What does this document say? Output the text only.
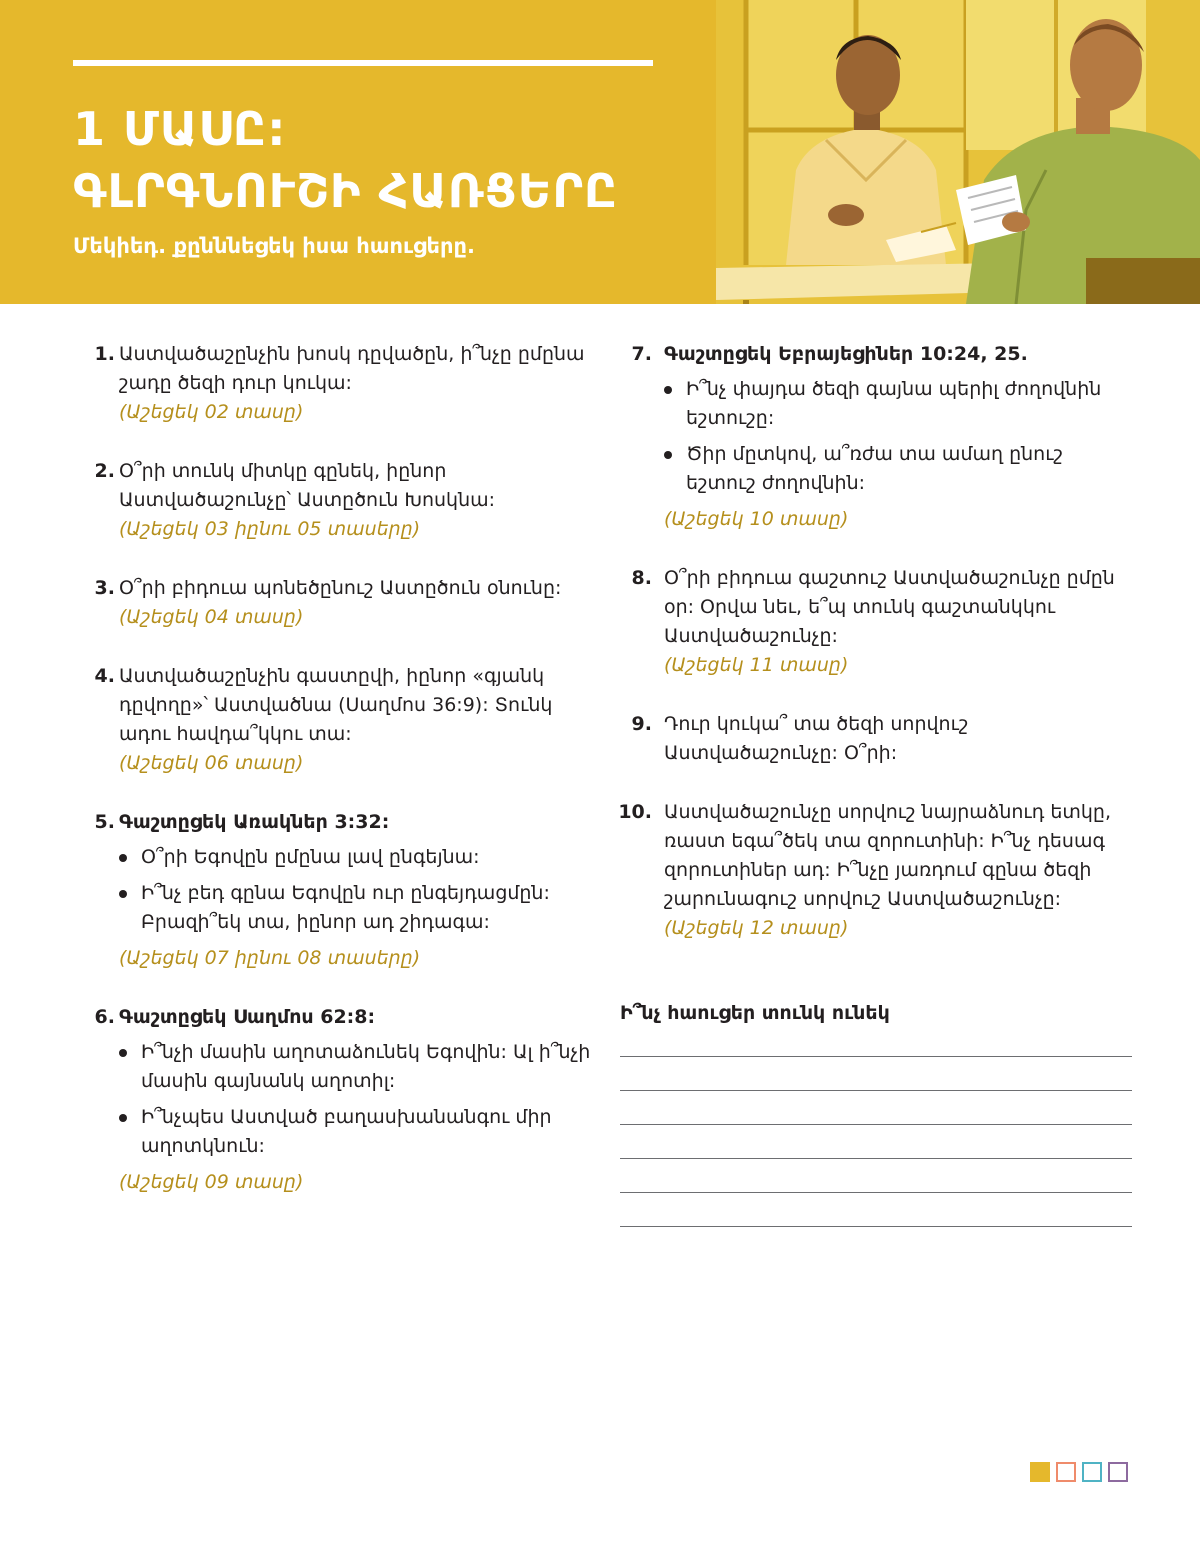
1 ՄԱՍԸ:
ԳԼՐԳՆՈՒՇԻ ՀԱՌՑԵՐԸ
Մեկիեդ. քընննեցեկ իսա հաուցերը.
1. Աստվածաշընչին խոսկ դըվածըն, ի՞նչը ըմընա շադը ծեզի դուր կուկա:
(Աշեցեկ 02 տասը)
2. Օ՞րի տունկ միտկը գընեկ, իընոր Աստվածաշունչը՝ Աստըծուն Խոսկնա:
(Աշեցեկ 03 իընու 05 տասերը)
3. Օ՞րի բիդուա պոնեծընուշ Աստըծուն օնունը:
(Աշեցեկ 04 տասը)
4. Աստվածաշընչին գաստըվի, իընոր «գյանկ դըվողը»՝ Աստվածնա (Սաղմոս 36:9): Տունկ ադու հավդա՞կկու տա:
(Աշեցեկ 06 տասը)
5. Գաշտըցեկ Առակներ 3:32:
Օ՞րի Եգովըն ըմընա լավ ընգեյնա:
Ի՞նչ բեդ գընա Եգովըն ուր ընգեյդացմըն: Բրազի՞եկ տա, իընոր ադ շիդագա:
(Աշեցեկ 07 իընու 08 տասերը)
6. Գաշտըցեկ Սաղմոս 62:8:
Ի՞նչի մասին աղոտաձունեկ Եգովին: Ալ ի՞նչի մասին գայնանկ աղոտիլ:
Ի՞նչպես Աստված բաղասխանանգու միր աղոտկնուն:
(Աշեցեկ 09 տասը)
7. Գաշտըցեկ Եբրայեցիներ 10:24, 25.
Ի՞նչ փայդա ծեզի գայնա պերիլ ժողովնին եշտուշը:
Ծիր մըտկով, ա՞ռժա տա ամաղ ընուշ եշտուշ ժողովնին:
(Աշեցեկ 10 տասը)
8. Օ՞րի բիդուա գաշտուշ Աստվածաշունչը ըմըն օր: Օրվա նեւ, ե՞պ տունկ գաշտանկկու Աստվածաշունչը:
(Աշեցեկ 11 տասը)
9. Դուր կուկա՞ տա ծեզի սորվուշ Աստվածաշունչը: Օ՞րի:
10. Աստվածաշունչը սորվուշ նայրաձնուդ ետկը, ռաստ եգա՞ծեկ տա զորուտինի: Ի՞նչ դեսագ զորուտիներ ադ: Ի՞նչը յառդում գընա ծեզի շարունագուշ սորվուշ Աստվածաշունչը:
(Աշեցեկ 12 տասը)
Ի՞նչ հաուցեր տունկ ունեկ
